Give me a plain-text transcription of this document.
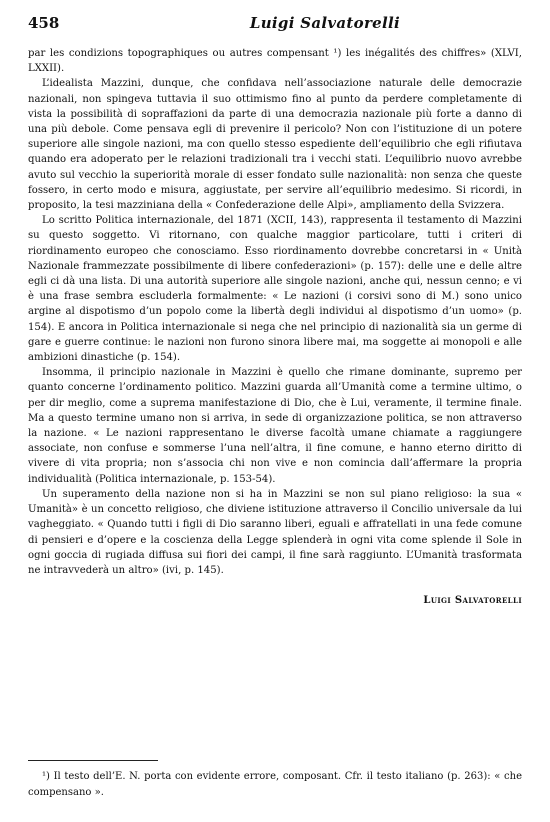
458	Luigi Salvatorelli

par les condizions topographiques ou autres compensant ¹) les inégalités des chiffres» (XLVI, LXXII).

L’idealista Mazzini, dunque, che confidava nell’associazione naturale delle democrazie nazionali, non spingeva tuttavia il suo ottimismo fino al punto da perdere completamente di vista la possibilità di sopraffazioni da parte di una democrazia nazionale più forte a danno di una più debole. Come pensava egli di prevenire il pericolo? Non con l’istituzione di un potere superiore alle singole nazioni, ma con quello stesso espediente dell’equilibrio che egli rifiutava quando era adoperato per le relazioni tradizionali tra i vecchi stati. L’equilibrio nuovo avrebbe avuto sul vecchio la superiorità morale di esser fondato sulle nazionalità: non senza che queste fossero, in certo modo e misura, aggiustate, per servire all’equilibrio medesimo. Si ricordi, in proposito, la tesi mazziniana della « Confederazione delle Alpi», ampliamento della Svizzera.

Lo scritto Politica internazionale, del 1871 (XCII, 143), rappresenta il testamento di Mazzini su questo soggetto. Vi ritornano, con qualche maggior particolare, tutti i criteri di riordinamento europeo che conosciamo. Esso riordinamento dovrebbe concretarsi in « Unità Nazionale frammezzate possibilmente di libere confederazioni» (p. 157): delle une e delle altre egli ci dà una lista. Di una autorità superiore alle singole nazioni, anche qui, nessun cenno; e vi è una frase sembra escluderla formalmente: « Le nazioni (i corsivi sono di M.) sono unico argine al dispotismo d’un popolo come la libertà degli individui al dispotismo d’un uomo» (p. 154). E ancora in Politica internazionale si nega che nel principio di nazionalità sia un germe di gare e guerre continue: le nazioni non furono sinora libere mai, ma soggette ai monopoli e alle ambizioni dinastiche (p. 154).

Insomma, il principio nazionale in Mazzini è quello che rimane dominante, supremo per quanto concerne l’ordinamento politico. Mazzini guarda all’Umanità come a termine ultimo, o per dir meglio, come a suprema manifestazione di Dio, che è Lui, veramente, il termine finale. Ma a questo termine umano non si arriva, in sede di organizzazione politica, se non attraverso la nazione. « Le nazioni rappresentano le diverse facoltà umane chiamate a raggiungere associate, non confuse e sommerse l’una nell’altra, il fine comune, e hanno eterno diritto di vivere di vita propria; non s’associa chi non vive e non comincia dall’affermare la propria individualità (Politica internazionale, p. 153-54).

Un superamento della nazione non si ha in Mazzini se non sul piano religioso: la sua « Umanità» è un concetto religioso, che diviene istituzione attraverso il Concilio universale da lui vagheggiato. « Quando tutti i figli di Dio saranno liberi, eguali e affratellati in una fede comune di pensieri e d’opere e la coscienza della Legge splenderà in ogni vita come splende il Sole in ogni goccia di rugiada diffusa sui fiori dei campi, il fine sarà raggiunto. L’Umanità trasformata ne intravvederà un altro» (ivi, p. 145).

Luigi Salvatorelli

¹) Il testo dell’E. N. porta con evidente errore, composant. Cfr. il testo italiano (p. 263): « che compensano ».
